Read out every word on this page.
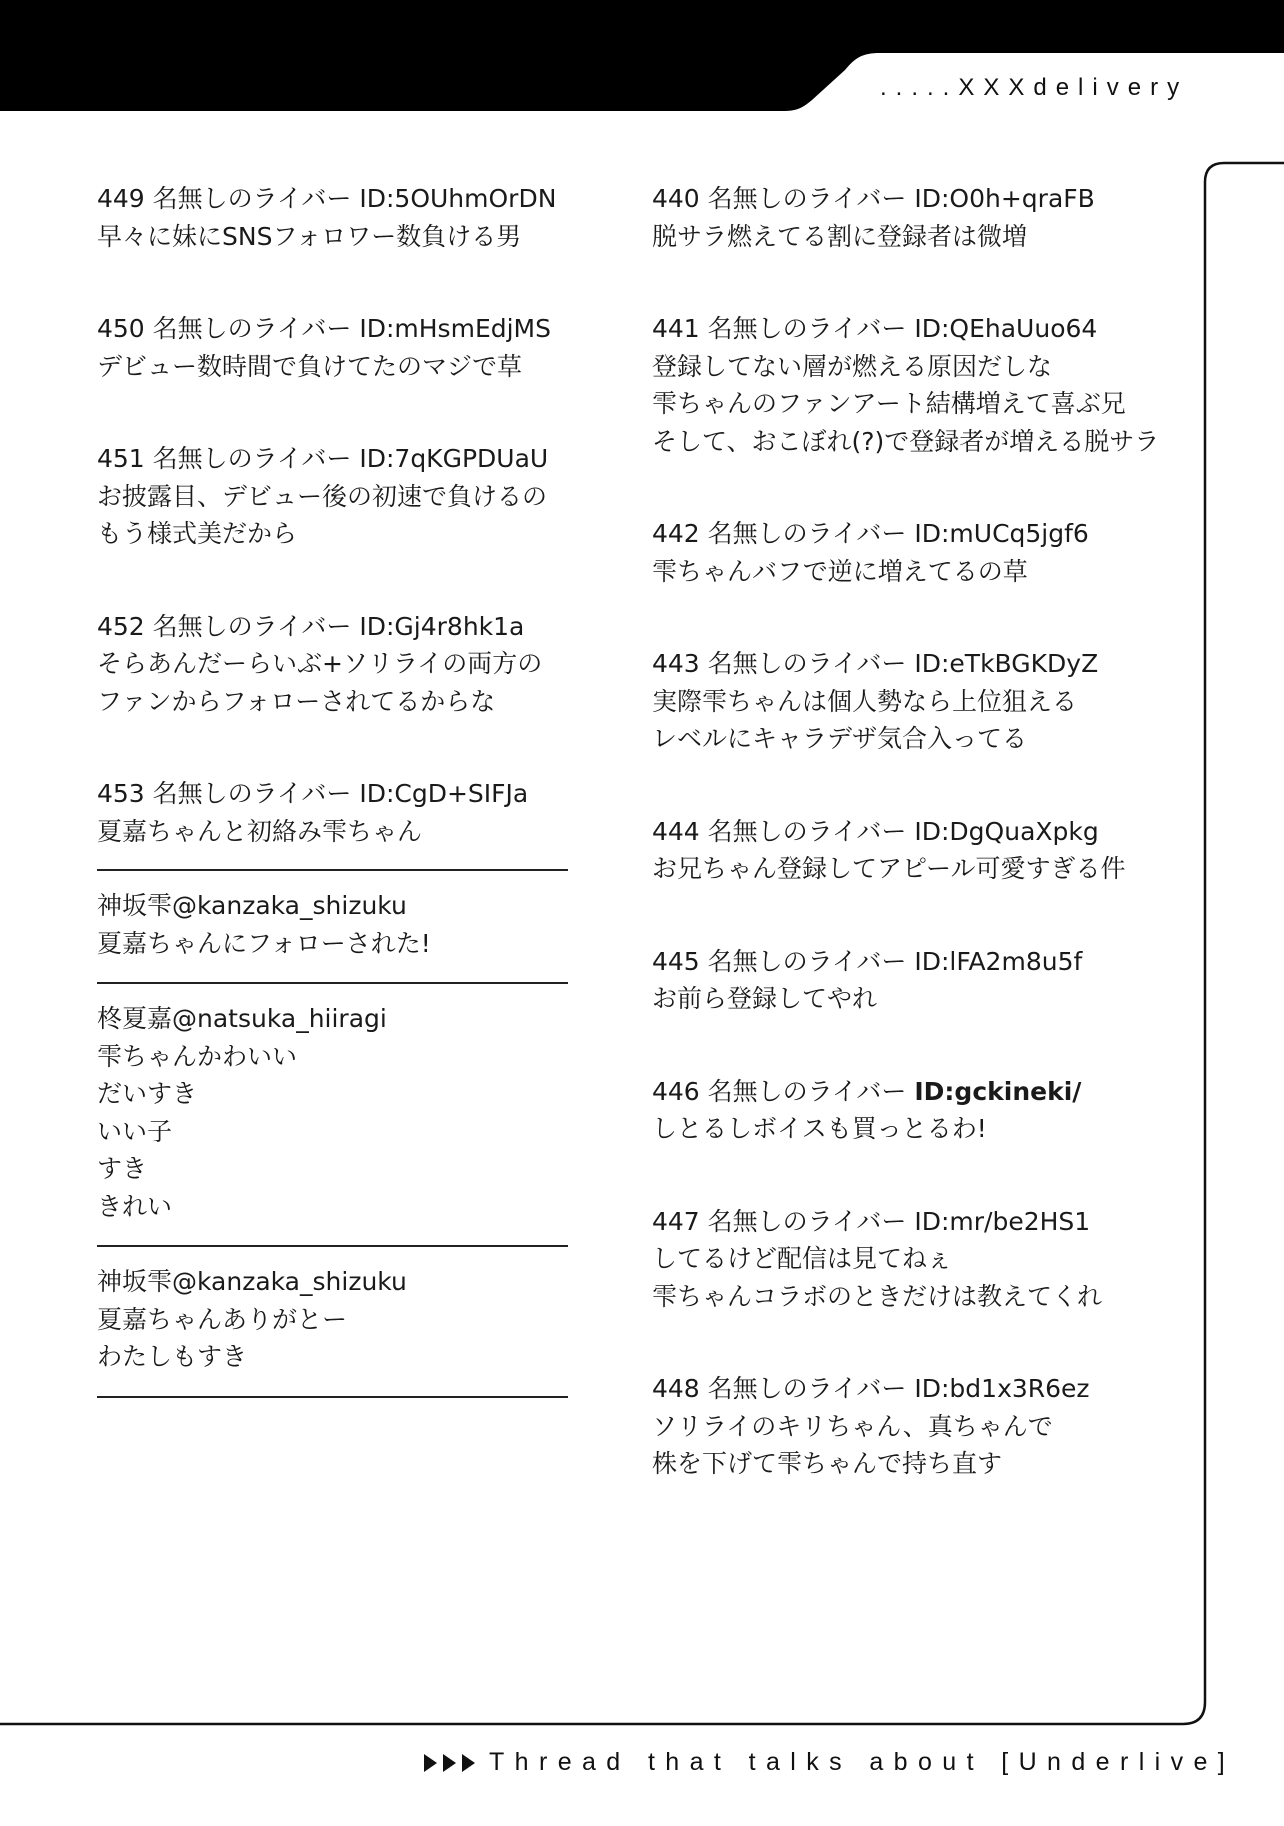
.....XXXdelivery
449 名無しのライバー ID:5OUhmOrDN
早々に妹にSNSフォロワー数負ける男
450 名無しのライバー ID:mHsmEdjMS
デビュー数時間で負けてたのマジで草
451 名無しのライバー ID:7qKGPDUaU
お披露目、デビュー後の初速で負けるの
もう様式美だから
452 名無しのライバー ID:Gj4r8hk1a
そらあんだーらいぶ+ソリライの両方の
ファンからフォローされてるからな
453 名無しのライバー ID:CgD+SIFJa
夏嘉ちゃんと初絡み雫ちゃん
神坂雫@kanzaka_shizuku
夏嘉ちゃんにフォローされた!
柊夏嘉@natsuka_hiiragi
雫ちゃんかわいい
だいすき
いい子
すき
きれい
神坂雫@kanzaka_shizuku
夏嘉ちゃんありがとー
わたしもすき
440 名無しのライバー ID:O0h+qraFB
脱サラ燃えてる割に登録者は微増
441 名無しのライバー ID:QEhaUuo64
登録してない層が燃える原因だしな
雫ちゃんのファンアート結構増えて喜ぶ兄
そして、おこぼれ(?)で登録者が増える脱サラ
442 名無しのライバー ID:mUCq5jgf6
雫ちゃんバフで逆に増えてるの草
443 名無しのライバー ID:eTkBGKDyZ
実際雫ちゃんは個人勢なら上位狙える
レベルにキャラデザ気合入ってる
444 名無しのライバー ID:DgQuaXpkg
お兄ちゃん登録してアピール可愛すぎる件
445 名無しのライバー ID:lFA2m8u5f
お前ら登録してやれ
446 名無しのライバー ID:gckineki/
しとるしボイスも買っとるわ!
447 名無しのライバー ID:mr/be2HS1
してるけど配信は見てねぇ
雫ちゃんコラボのときだけは教えてくれ
448 名無しのライバー ID:bd1x3R6ez
ソリライのキリちゃん、真ちゃんで
株を下げて雫ちゃんで持ち直す
Thread that talks about [Underlive]
